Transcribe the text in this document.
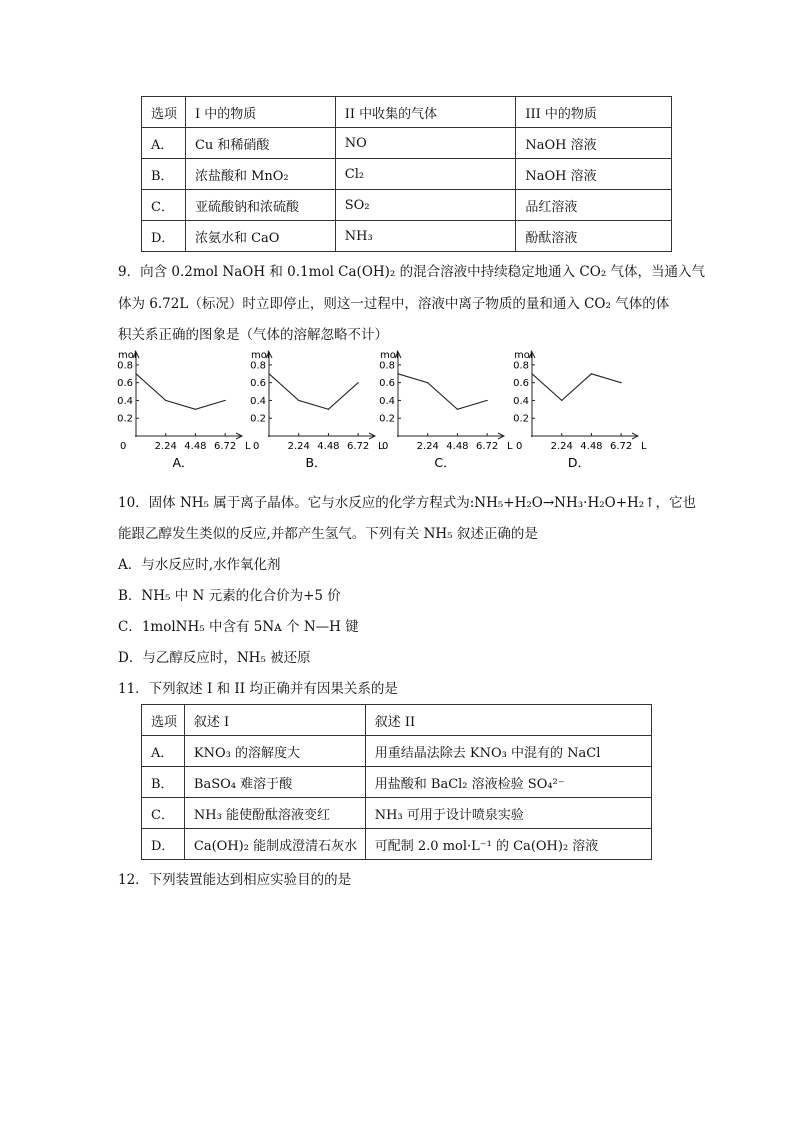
选项	I 中的物质	II 中收集的气体	III 中的物质
A．	Cu 和稀硝酸	NO	NaOH 溶液
B．	浓盐酸和 MnO₂	Cl₂	NaOH 溶液
C．	亚硫酸钠和浓硫酸	SO₂	品红溶液
D．	浓氨水和 CaO	NH₃	酚酞溶液
9．向含 0.2mol NaOH 和 0.1mol Ca(OH)₂ 的混合溶液中持续稳定地通入 CO₂ 气体，当通入气
体为 6.72L（标况）时立即停止，则这一过程中，溶液中离子物质的量和通入 CO₂ 气体的体
积关系正确的图象是（气体的溶解忽略不计）
mol
L
0
0.2
0.4
0.6
0.8
2.24 4.48 6.72
A．
mol
L
0
0.2
0.4
0.6
0.8
2.24 4.48 6.72
B．
mol
L
0
0.2
0.4
0.6
0.8
2.24 4.48 6.72
C．
mol
L
0
0.2
0.4
0.6
0.8
2.24 4.48 6.72
D．
10．固体 NH₅ 属于离子晶体。它与水反应的化学方程式为:NH₅+H₂O→NH₃·H₂O+H₂↑，它也
能跟乙醇发生类似的反应,并都产生氢气。下列有关 NH₅ 叙述正确的是
A．与水反应时,水作氧化剂
B．NH₅ 中 N 元素的化合价为+5 价
C．1molNH₅ 中含有 5Nᴀ 个 N—H 键
D．与乙醇反应时，NH₅ 被还原
11．下列叙述 I 和 II 均正确并有因果关系的是
选项	叙述 I	叙述 II
A．	KNO₃ 的溶解度大	用重结晶法除去 KNO₃ 中混有的 NaCl
B．	BaSO₄ 难溶于酸	用盐酸和 BaCl₂ 溶液检验 SO₄²⁻
C．	NH₃ 能使酚酞溶液变红	NH₃ 可用于设计喷泉实验
D．	Ca(OH)₂ 能制成澄清石灰水	可配制 2.0 mol·L⁻¹ 的 Ca(OH)₂ 溶液
12．下列装置能达到相应实验目的的是
